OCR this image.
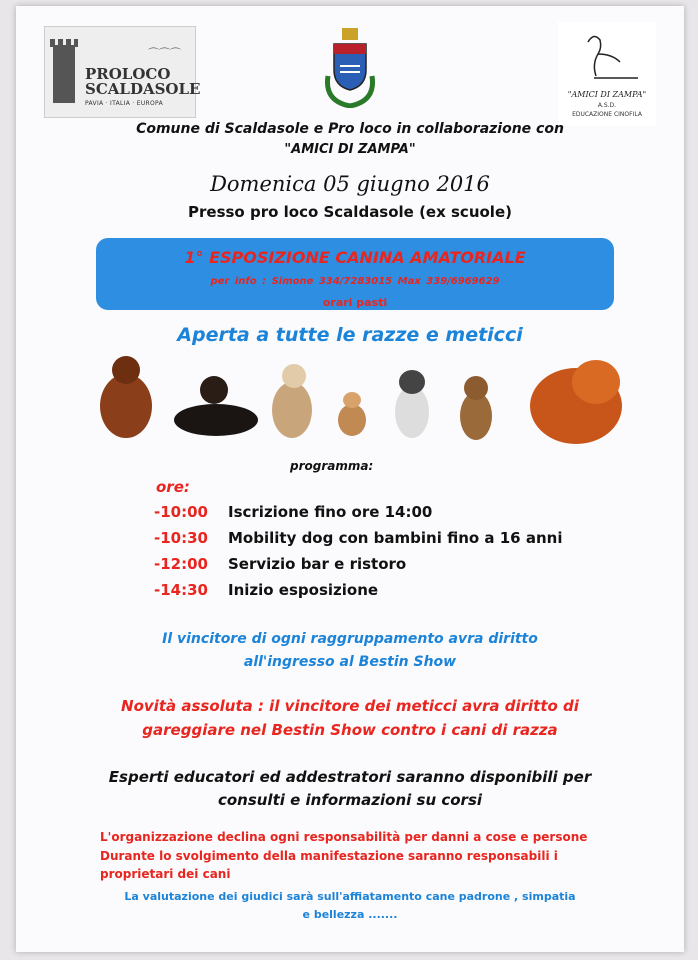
⌒⌒⌒
PROLOCO
SCALDASOLE
PAVIA · ITALIA · EUROPA
"AMICI DI ZAMPA"
A.S.D.
EDUCAZIONE CINOFILA
Comune di Scaldasole e Pro loco in collaborazione con
"AMICI DI ZAMPA"
Domenica 05 giugno 2016
Presso pro loco Scaldasole (ex scuole)
1° ESPOSIZIONE CANINA AMATORIALE
per info : Simone 334/7283015 Max 339/6969629
orari pasti
Aperta a tutte le razze e meticci
programma:
ore:
-10:00 Iscrizione fino ore 14:00
-10:30 Mobility dog con bambini fino a 16 anni
-12:00 Servizio bar e ristoro
-14:30 Inizio esposizione
Il vincitore di ogni raggruppamento avra diritto
all'ingresso al Bestin Show
Novità assoluta : il vincitore dei meticci avra diritto di
gareggiare nel Bestin Show contro i cani di razza
Esperti educatori ed addestratori saranno disponibili per
consulti e informazioni su corsi
L'organizzazione declina ogni responsabilità per danni a cose e persone
Durante lo svolgimento della manifestazione saranno responsabili i
proprietari dei cani
La valutazione dei giudici sarà sull'affiatamento cane padrone , simpatia
e bellezza .......
